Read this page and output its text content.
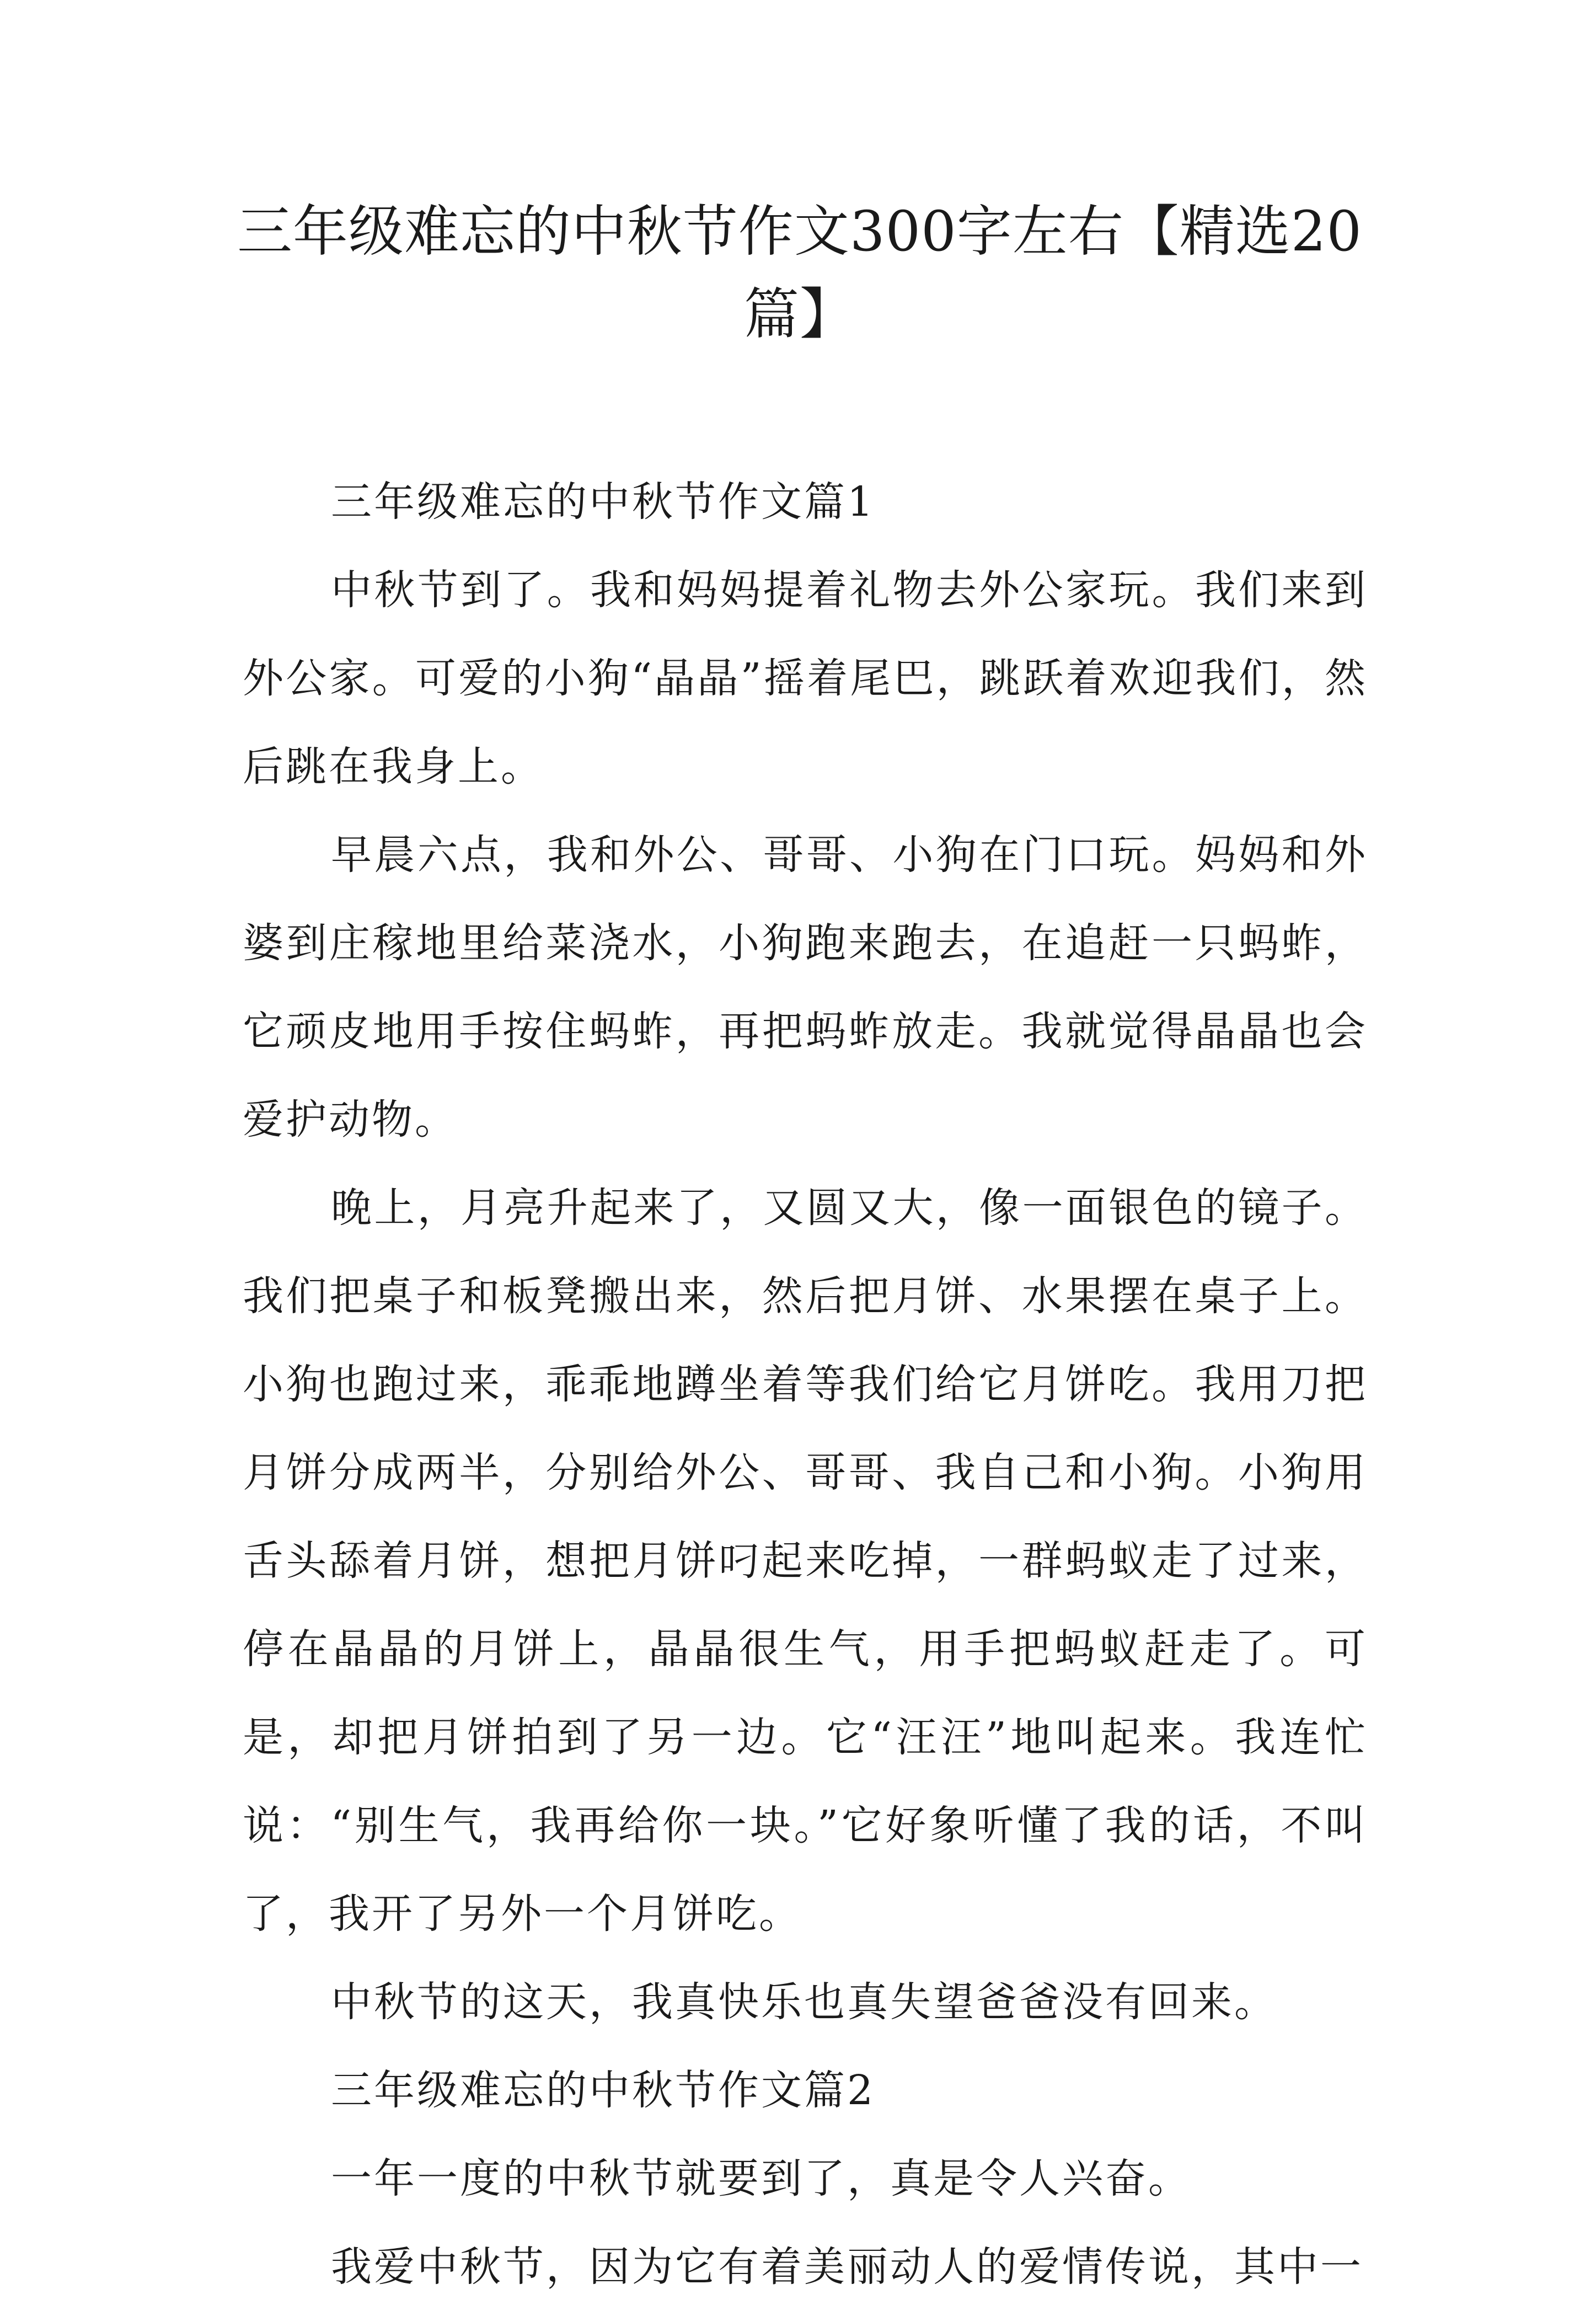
三年级难忘的中秋节作文300字左右【精选20篇】

三年级难忘的中秋节作文篇1

中秋节到了。我和妈妈提着礼物去外公家玩。我们来到外公家。可爱的小狗“晶晶”摇着尾巴，跳跃着欢迎我们，然后跳在我身上。

早晨六点，我和外公、哥哥、小狗在门口玩。妈妈和外婆到庄稼地里给菜浇水，小狗跑来跑去，在追赶一只蚂蚱，它顽皮地用手按住蚂蚱，再把蚂蚱放走。我就觉得晶晶也会爱护动物。

晚上，月亮升起来了，又圆又大，像一面银色的镜子。我们把桌子和板凳搬出来，然后把月饼、水果摆在桌子上。小狗也跑过来，乖乖地蹲坐着等我们给它月饼吃。我用刀把月饼分成两半，分别给外公、哥哥、我自己和小狗。小狗用舌头舔着月饼，想把月饼叼起来吃掉，一群蚂蚁走了过来，停在晶晶的月饼上，晶晶很生气，用手把蚂蚁赶走了。可是，却把月饼拍到了另一边。它“汪汪”地叫起来。我连忙说：“别生气，我再给你一块。”它好象听懂了我的话，不叫了，我开了另外一个月饼吃。

中秋节的这天，我真快乐也真失望爸爸没有回来。

三年级难忘的中秋节作文篇2

一年一度的中秋节就要到了，真是令人兴奋。

我爱中秋节，因为它有着美丽动人的爱情传说，其中一
